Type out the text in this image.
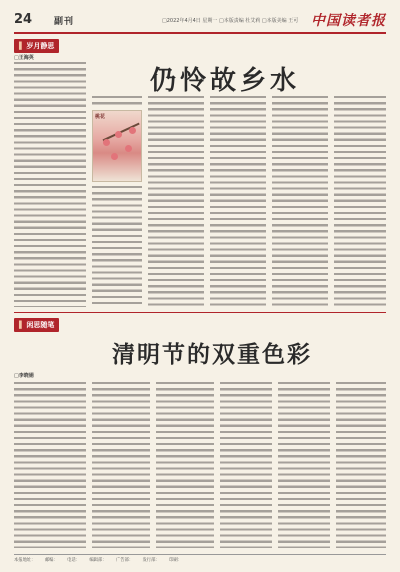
24 副刊	□2022年4月4日 星期一 □本版责编 杜艾莉 □本版美编 王可 中国读者报
▌ 岁月静思
□王海英
仍怜故乡水
桃花
▌ 闲思随笔
□李晓娟
清明节的双重色彩
本报地址： 邮编： 电话： 编辑部： 广告部： 发行部： 印刷：
